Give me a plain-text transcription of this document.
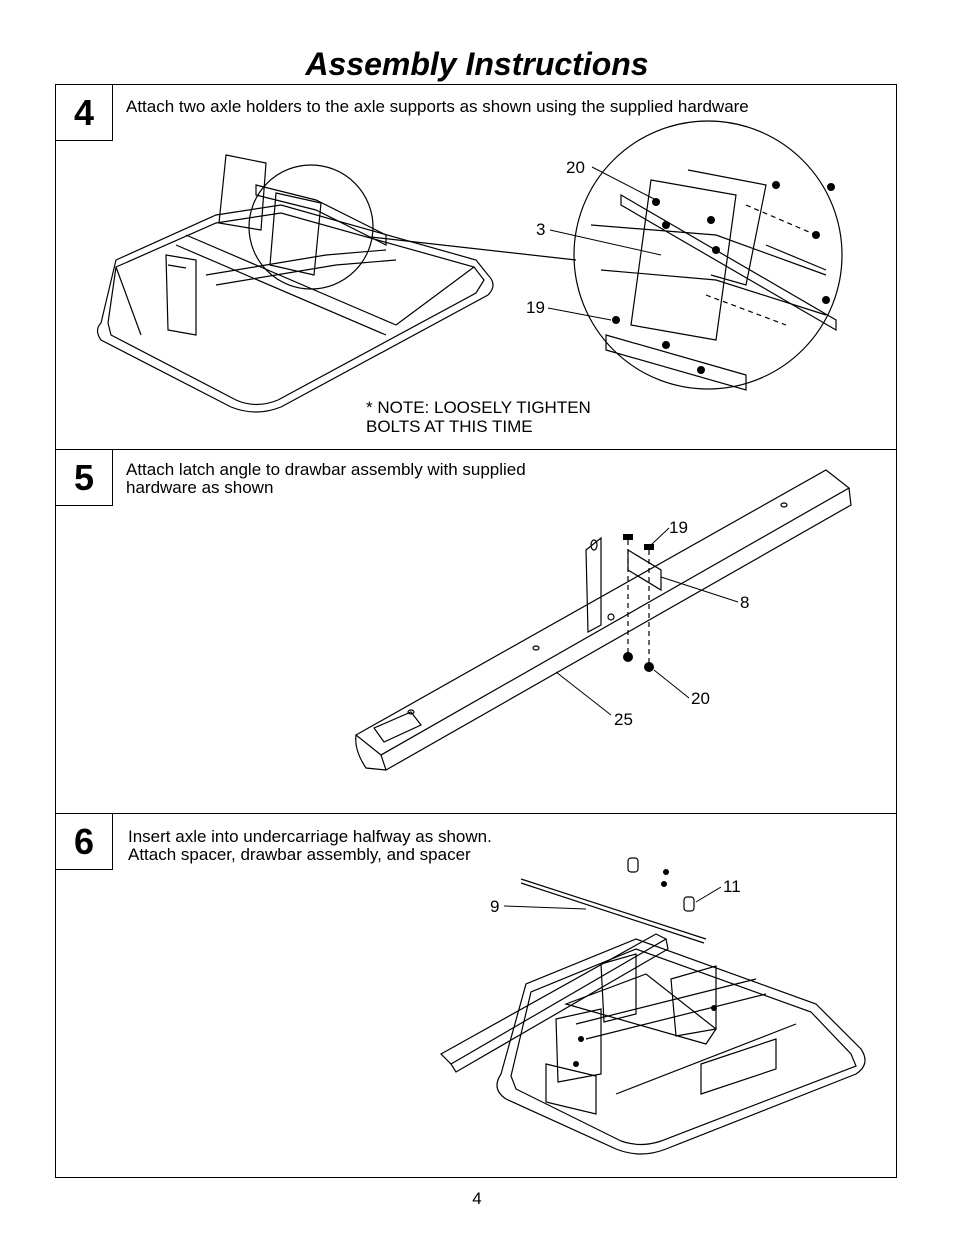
Assembly Instructions
4	Attach two axle holders to the axle supports as shown using the supplied hardware
20
3
19
* NOTE: LOOSELY TIGHTEN
BOLTS AT THIS TIME
5	Attach latch angle to drawbar assembly with supplied
hardware as shown
19
8
20
25
6	Insert axle into undercarriage halfway as shown.
Attach spacer, drawbar assembly, and spacer
9
11
4
